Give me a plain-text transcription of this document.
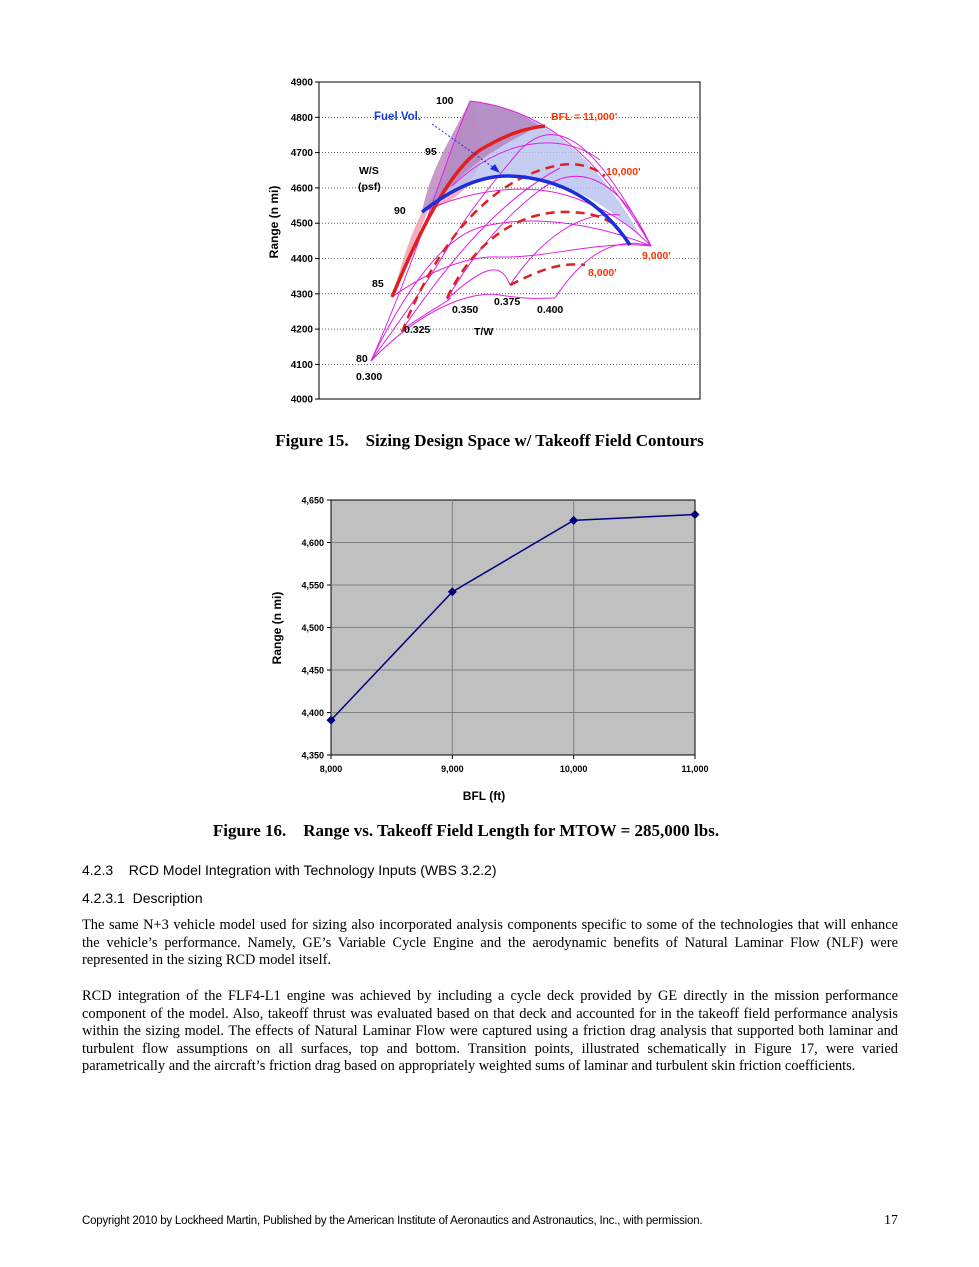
4900
4800
4700
4600
4500
4400
4300
4200
4100
4000
Range (n mi)
Fuel Vol.
W/S
(psf)
T/W
100
95
90
85
80
0.300
0.325
0.350
0.375
0.400
BFL = 11,000'
10,000'
9,000'
8,000'
Figure 15.    Sizing Design Space w/ Takeoff Field Contours
4,650
4,600
4,550
4,500
4,450
4,400
4,350
8,000	9,000	10,000	11,000
BFL (ft)
Range (n mi)
Figure 16.    Range vs. Takeoff Field Length for MTOW = 285,000 lbs.
4.2.3    RCD Model Integration with Technology Inputs (WBS 3.2.2)
4.2.3.1  Description
The same N+3 vehicle model used for sizing also incorporated analysis components specific to some of the technologies that will enhance the vehicle’s performance. Namely, GE’s Variable Cycle Engine and the aerodynamic benefits of Natural Laminar Flow (NLF) were represented in the sizing RCD model itself.
RCD integration of the FLF4-L1 engine was achieved by including a cycle deck provided by GE directly in the mission performance component of the model. Also, takeoff thrust was evaluated based on that deck and accounted for in the takeoff field performance analysis within the sizing model. The effects of Natural Laminar Flow were captured using a friction drag analysis that supported both laminar and turbulent flow assumptions on all surfaces, top and bottom. Transition points, illustrated schematically in Figure 17, were varied parametrically and the aircraft’s friction drag based on appropriately weighted sums of laminar and turbulent skin friction coefficients.
Copyright 2010 by Lockheed Martin, Published by the American Institute of Aeronautics and Astronautics, Inc., with permission.	17
